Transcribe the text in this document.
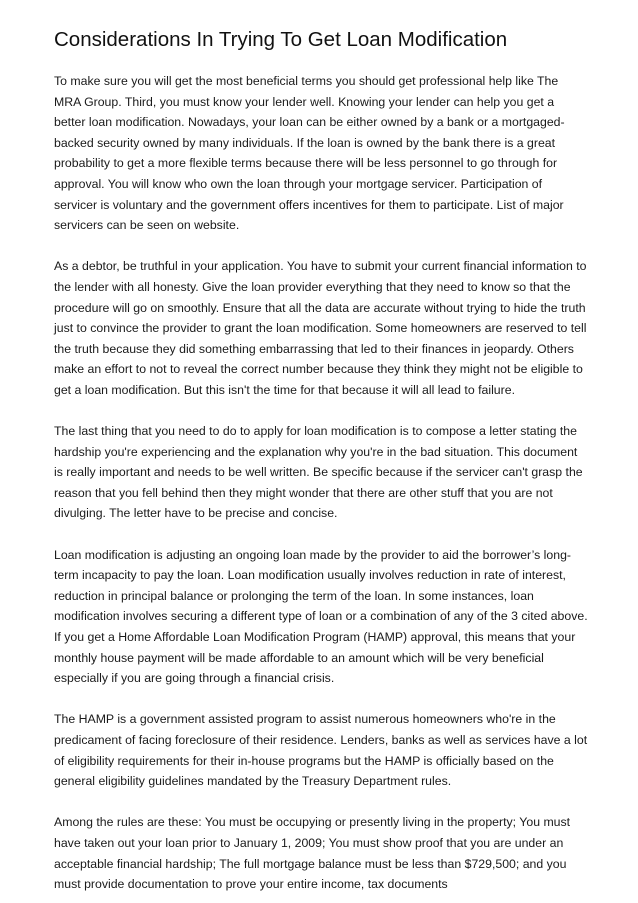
Considerations In Trying To Get Loan Modification

To make sure you will get the most beneficial terms you should get professional help like The MRA Group. Third, you must know your lender well. Knowing your lender can help you get a better loan modification. Nowadays, your loan can be either owned by a bank or a mortgaged-backed security owned by many individuals. If the loan is owned by the bank there is a great probability to get a more flexible terms because there will be less personnel to go through for approval. You will know who own the loan through your mortgage servicer. Participation of servicer is voluntary and the government offers incentives for them to participate. List of major servicers can be seen on website.

As a debtor, be truthful in your application. You have to submit your current financial information to the lender with all honesty. Give the loan provider everything that they need to know so that the procedure will go on smoothly. Ensure that all the data are accurate without trying to hide the truth just to convince the provider to grant the loan modification. Some homeowners are reserved to tell the truth because they did something embarrassing that led to their finances in jeopardy. Others make an effort to not to reveal the correct number because they think they might not be eligible to get a loan modification. But this isn't the time for that because it will all lead to failure.

The last thing that you need to do to apply for loan modification is to compose a letter stating the hardship you're experiencing and the explanation why you're in the bad situation. This document is really important and needs to be well written. Be specific because if the servicer can't grasp the reason that you fell behind then they might wonder that there are other stuff that you are not divulging. The letter have to be precise and concise.

Loan modification is adjusting an ongoing loan made by the provider to aid the borrower’s long-term incapacity to pay the loan. Loan modification usually involves reduction in rate of interest, reduction in principal balance or prolonging the term of the loan. In some instances, loan modification involves securing a different type of loan or a combination of any of the 3 cited above. If you get a Home Affordable Loan Modification Program (HAMP) approval, this means that your monthly house payment will be made affordable to an amount which will be very beneficial especially if you are going through a financial crisis.

The HAMP is a government assisted program to assist numerous homeowners who're in the predicament of facing foreclosure of their residence. Lenders, banks as well as services have a lot of eligibility requirements for their in-house programs but the HAMP is officially based on the general eligibility guidelines mandated by the Treasury Department rules.

Among the rules are these: You must be occupying or presently living in the property; You must have taken out your loan prior to January 1, 2009; You must show proof that you are under an acceptable financial hardship; The full mortgage balance must be less than $729,500; and you must provide documentation to prove your entire income, tax documents
